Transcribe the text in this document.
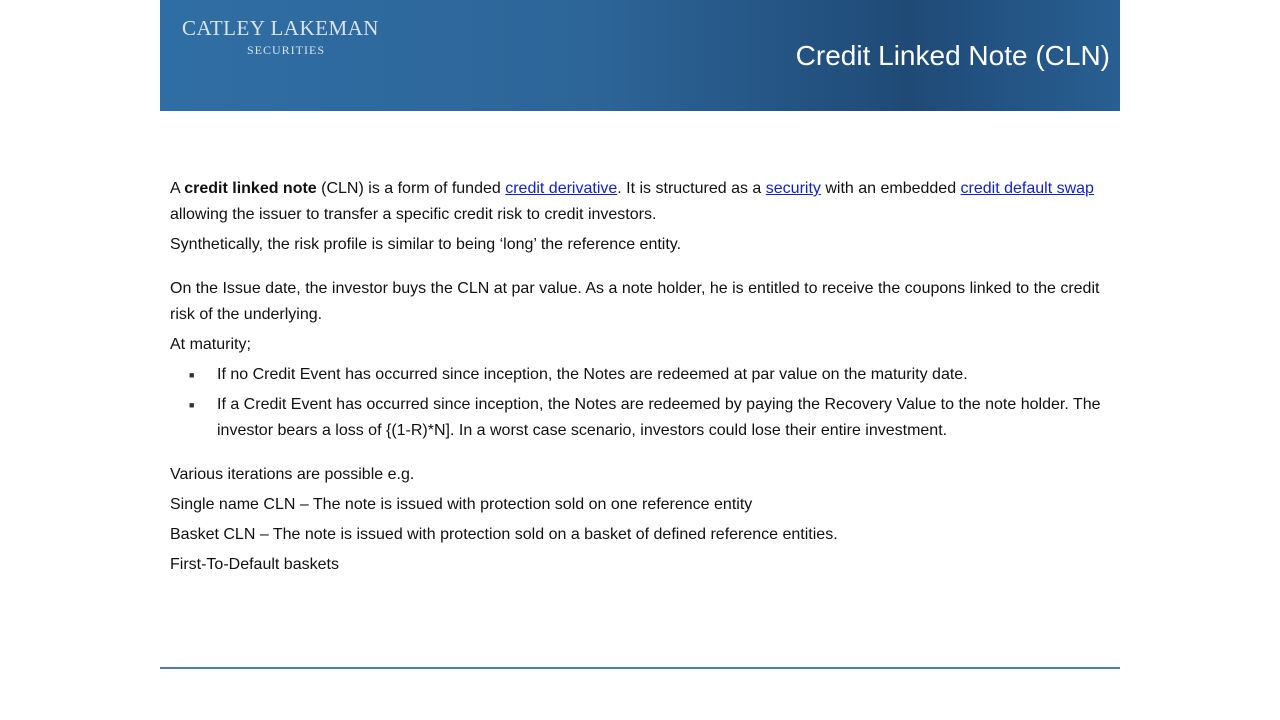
CATLEY LAKEMAN
SECURITIES	Credit Linked Note (CLN)

A credit linked note (CLN) is a form of funded credit derivative. It is structured as a security with an embedded credit default swap allowing the issuer to transfer a specific credit risk to credit investors.

Synthetically, the risk profile is similar to being ‘long’ the reference entity.

On the Issue date, the investor buys the CLN at par value. As a note holder, he is entitled to receive the coupons linked to the credit risk of the underlying.

At maturity;

■ If no Credit Event has occurred since inception, the Notes are redeemed at par value on the maturity date.
■ If a Credit Event has occurred since inception, the Notes are redeemed by paying the Recovery Value to the note holder. The investor bears a loss of {(1-R)*N]. In a worst case scenario, investors could lose their entire investment.

Various iterations are possible e.g.

Single name CLN – The note is issued with protection sold on one reference entity

Basket CLN – The note is issued with protection sold on a basket of defined reference entities.

First-To-Default baskets
